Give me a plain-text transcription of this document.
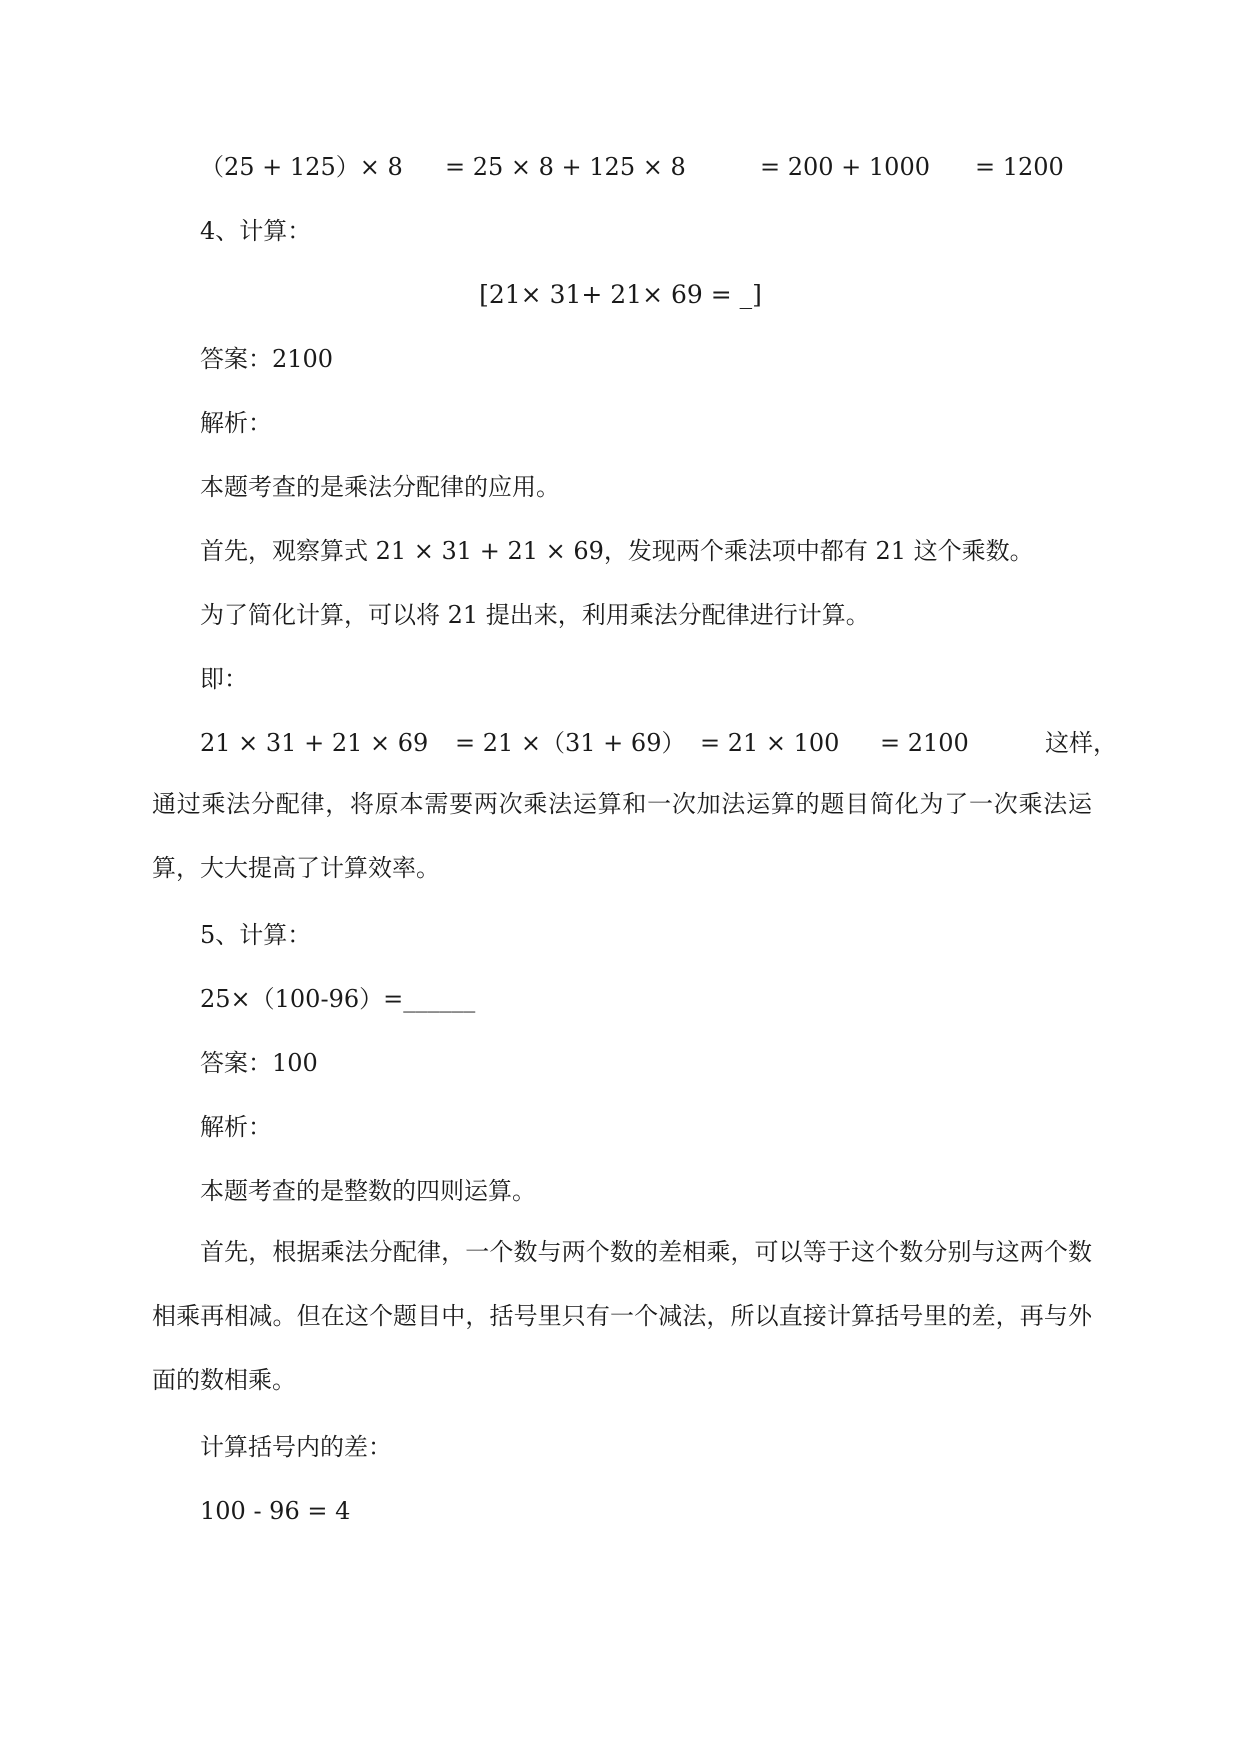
（25 + 125）× 8 = 25 × 8 + 125 × 8	= 200 + 1000 = 1200
4、计算：
[21× 31+ 21× 69 = _]
答案：2100
解析：
本题考查的是乘法分配律的应用。
首先，观察算式 21 × 31 + 21 × 69，发现两个乘法项中都有 21 这个乘数。
为了简化计算，可以将 21 提出来，利用乘法分配律进行计算。
即：
21 × 31 + 21 × 69 = 21 ×（31 + 69） = 21 × 100 = 2100	这样，
通过乘法分配律，将原本需要两次乘法运算和一次加法运算的题目简化为了一次乘法运算，大大提高了计算效率。
5、计算：
25×（100-96）=______
答案：100
解析：
本题考查的是整数的四则运算。
首先，根据乘法分配律，一个数与两个数的差相乘，可以等于这个数分别与这两个数相乘再相减。但在这个题目中，括号里只有一个减法，所以直接计算括号里的差，再与外面的数相乘。
计算括号内的差：
100 - 96 = 4
